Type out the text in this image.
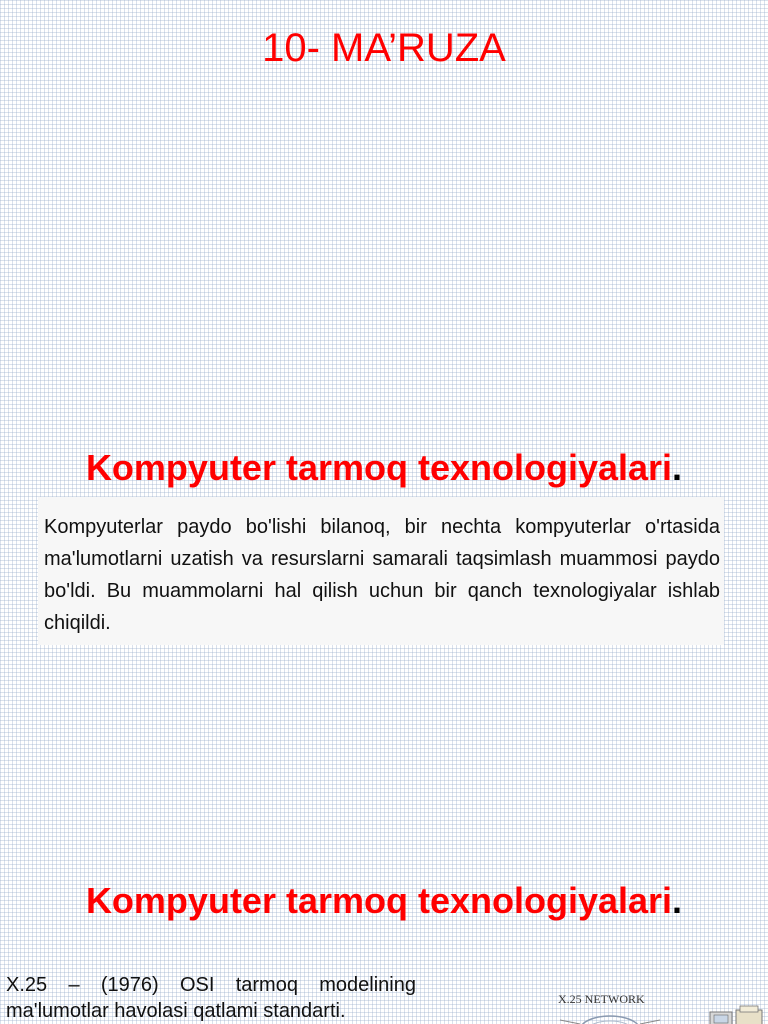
10- MA’RUZA
Kompyuter tarmoq texnologiyalari.
Kompyuterlar paydo bo'lishi bilanoq, bir nechta kompyuterlar o'rtasida ma'lumotlarni uzatish va resurslarni samarali taqsimlash muammosi paydo bo'ldi. Bu muammolarni hal qilish uchun bir qanch texnologiyalar ishlab chiqildi.
Kompyuter tarmoq texnologiyalari.
X.25 – (1976) OSI tarmoq modelining
ma'lumotlar havolasi qatlami standarti.
X.25 NETWORK
